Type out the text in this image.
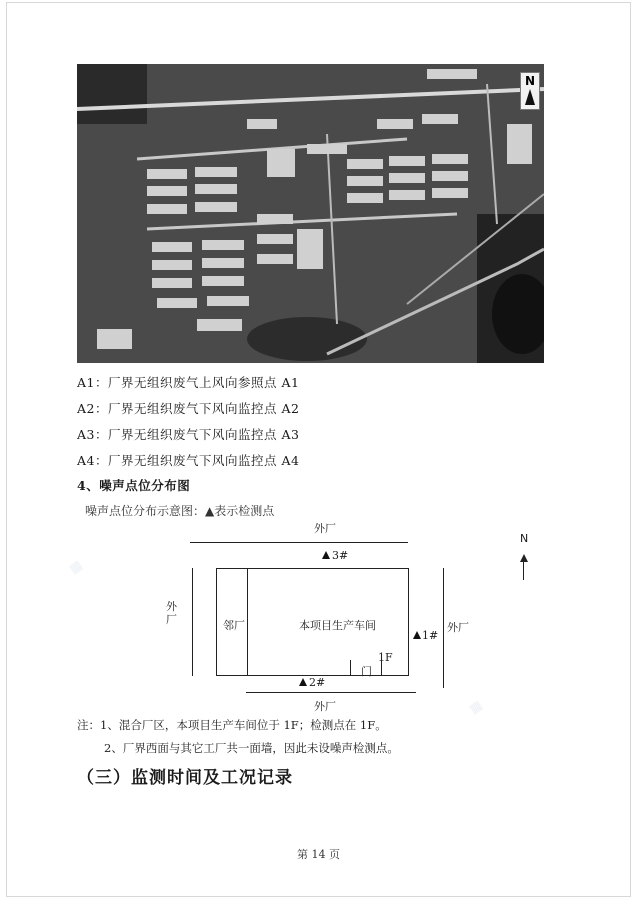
N
A1：厂界无组织废气上风向参照点 A1
A2：厂界无组织废气下风向监控点 A2
A3：厂界无组织废气下风向监控点 A3
A4：厂界无组织废气下风向监控点 A4
4、噪声点位分布图
噪声点位分布示意图：▲表示检测点
外厂
3#
外厂	邻厂	本项目生产车间
1F
门
1#
外厂
2#
外厂
N
注：1、混合厂区，本项目生产车间位于 1F；检测点在 1F。
2、厂界西面与其它工厂共一面墙，因此未设噪声检测点。
（三）监测时间及工况记录
第 14 页
▦
▦
